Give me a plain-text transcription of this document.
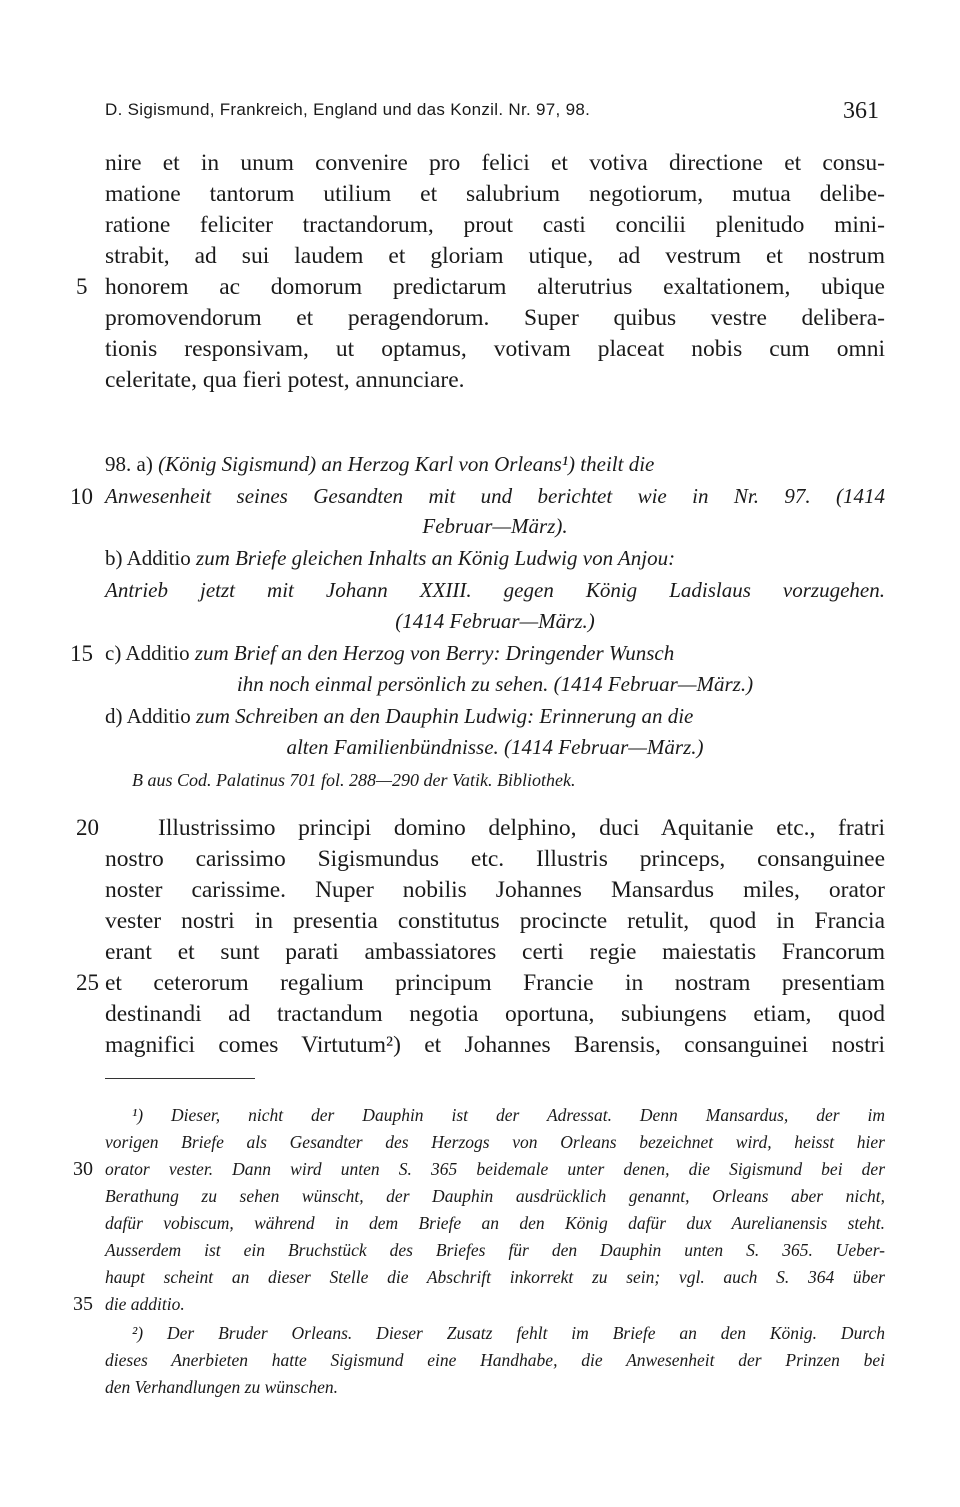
D. Sigismund, Frankreich, England und das Konzil. Nr. 97, 98.	361
nire et in unum convenire pro felici et votiva directione et consu-
matione tantorum utilium et salubrium negotiorum, mutua delibe-
ratione feliciter tractandorum, prout casti concilii plenitudo mini-
strabit, ad sui laudem et gloriam utique, ad vestrum et nostrum
5 honorem ac domorum predictarum alterutrius exaltationem, ubique
promovendorum et peragendorum. Super quibus vestre delibera-
tionis responsivam, ut optamus, votivam placeat nobis cum omni
celeritate, qua fieri potest, annunciare.
98. a) (König Sigismund) an Herzog Karl von Orleans¹) theilt die
10 Anwesenheit seines Gesandten mit und berichtet wie in Nr. 97. (1414
Februar—März).
b) Additio zum Briefe gleichen Inhalts an König Ludwig von Anjou:
Antrieb jetzt mit Johann XXIII. gegen König Ladislaus vorzugehen.
(1414 Februar—März.)
15 c) Additio zum Brief an den Herzog von Berry: Dringender Wunsch
ihn noch einmal persönlich zu sehen. (1414 Februar—März.)
d) Additio zum Schreiben an den Dauphin Ludwig: Erinnerung an die
alten Familienbündnisse. (1414 Februar—März.)
B aus Cod. Palatinus 701 fol. 288—290 der Vatik. Bibliothek.
20	Illustrissimo principi domino delphino, duci Aquitanie etc., fratri
nostro carissimo Sigismundus etc. Illustris princeps, consanguinee
noster carissime. Nuper nobilis Johannes Mansardus miles, orator
vester nostri in presentia constitutus procincte retulit, quod in Francia
erant et sunt parati ambassiatores certi regie maiestatis Francorum
25 et ceterorum regalium principum Francie in nostram presentiam
destinandi ad tractandum negotia oportuna, subiungens etiam, quod
magnifici comes Virtutum²) et Johannes Barensis, consanguinei nostri
¹) Dieser, nicht der Dauphin ist der Adressat. Denn Mansardus, der im
vorigen Briefe als Gesandter des Herzogs von Orleans bezeichnet wird, heisst hier
30 orator vester. Dann wird unten S. 365 beidemale unter denen, die Sigismund bei der
Berathung zu sehen wünscht, der Dauphin ausdrücklich genannt, Orleans aber nicht,
dafür vobiscum, während in dem Briefe an den König dafür dux Aurelianensis steht.
Ausserdem ist ein Bruchstück des Briefes für den Dauphin unten S. 365. Ueber-
haupt scheint an dieser Stelle die Abschrift inkorrekt zu sein; vgl. auch S. 364 über
35 die additio.
²) Der Bruder Orleans. Dieser Zusatz fehlt im Briefe an den König. Durch
dieses Anerbieten hatte Sigismund eine Handhabe, die Anwesenheit der Prinzen bei
den Verhandlungen zu wünschen.
